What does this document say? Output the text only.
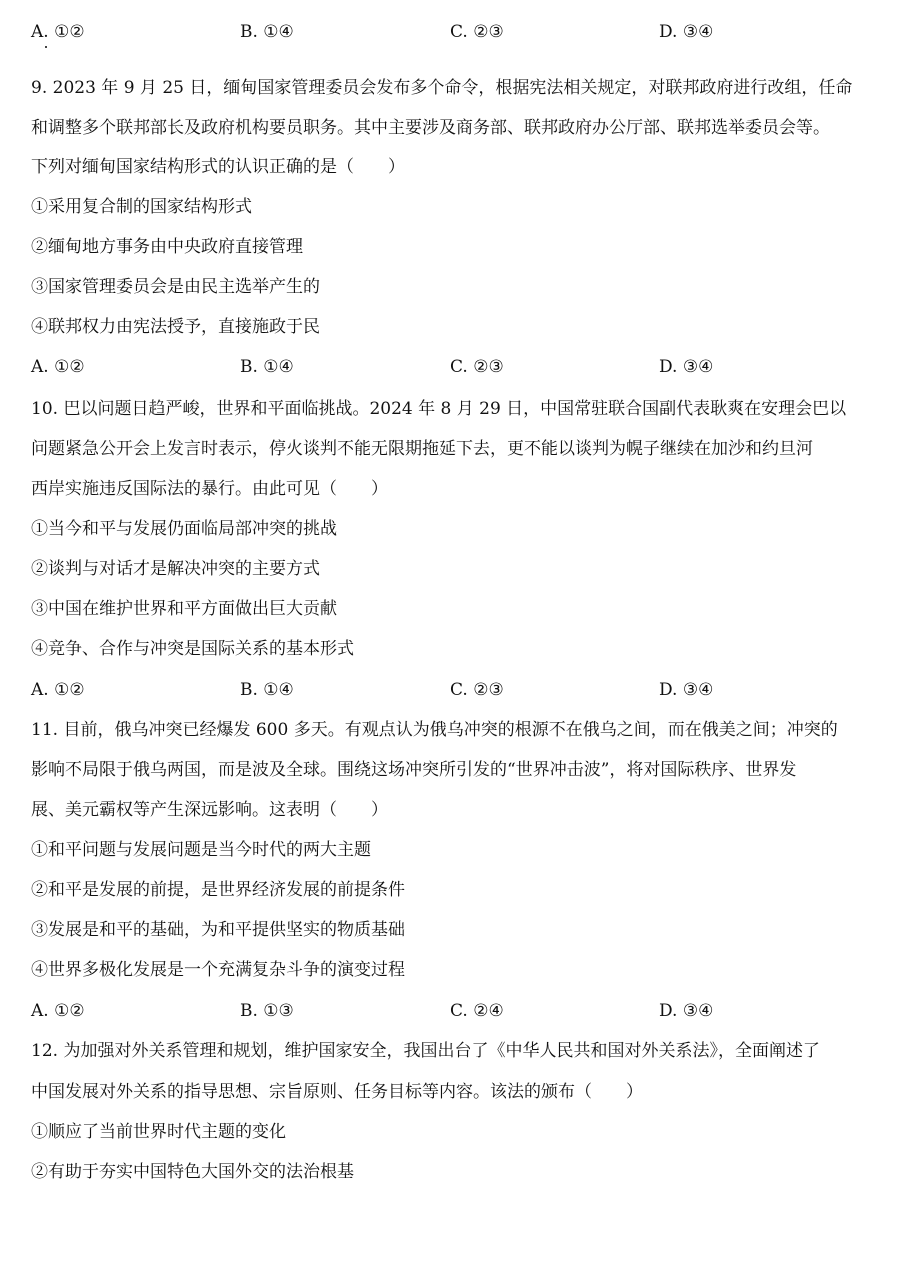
A. ①②	B. ①④	C. ②③	D. ③④
9. 2023 年 9 月 25 日，缅甸国家管理委员会发布多个命令，根据宪法相关规定，对联邦政府进行改组，任命
和调整多个联邦部长及政府机构要员职务。其中主要涉及商务部、联邦政府办公厅部、联邦选举委员会等。
下列对缅甸国家结构形式的认识正确的是（　　）
①采用复合制的国家结构形式
②缅甸地方事务由中央政府直接管理
③国家管理委员会是由民主选举产生的
④联邦权力由宪法授予，直接施政于民
A. ①②	B. ①④	C. ②③	D. ③④
10. 巴以问题日趋严峻，世界和平面临挑战。2024 年 8 月 29 日，中国常驻联合国副代表耿爽在安理会巴以
问题紧急公开会上发言时表示，停火谈判不能无限期拖延下去，更不能以谈判为幌子继续在加沙和约旦河
西岸实施违反国际法的暴行。由此可见（　　）
①当今和平与发展仍面临局部冲突的挑战
②谈判与对话才是解决冲突的主要方式
③中国在维护世界和平方面做出巨大贡献
④竞争、合作与冲突是国际关系的基本形式
A. ①②	B. ①④	C. ②③	D. ③④
11. 目前，俄乌冲突已经爆发 600 多天。有观点认为俄乌冲突的根源不在俄乌之间，而在俄美之间；冲突的
影响不局限于俄乌两国，而是波及全球。围绕这场冲突所引发的“世界冲击波”，将对国际秩序、世界发
展、美元霸权等产生深远影响。这表明（　　）
①和平问题与发展问题是当今时代的两大主题
②和平是发展的前提，是世界经济发展的前提条件
③发展是和平的基础，为和平提供坚实的物质基础
④世界多极化发展是一个充满复杂斗争的演变过程
A. ①②	B. ①③	C. ②④	D. ③④
12. 为加强对外关系管理和规划，维护国家安全，我国出台了《中华人民共和国对外关系法》，全面阐述了
中国发展对外关系的指导思想、宗旨原则、任务目标等内容。该法的颁布（　　）
①顺应了当前世界时代主题的变化
②有助于夯实中国特色大国外交的法治根基
